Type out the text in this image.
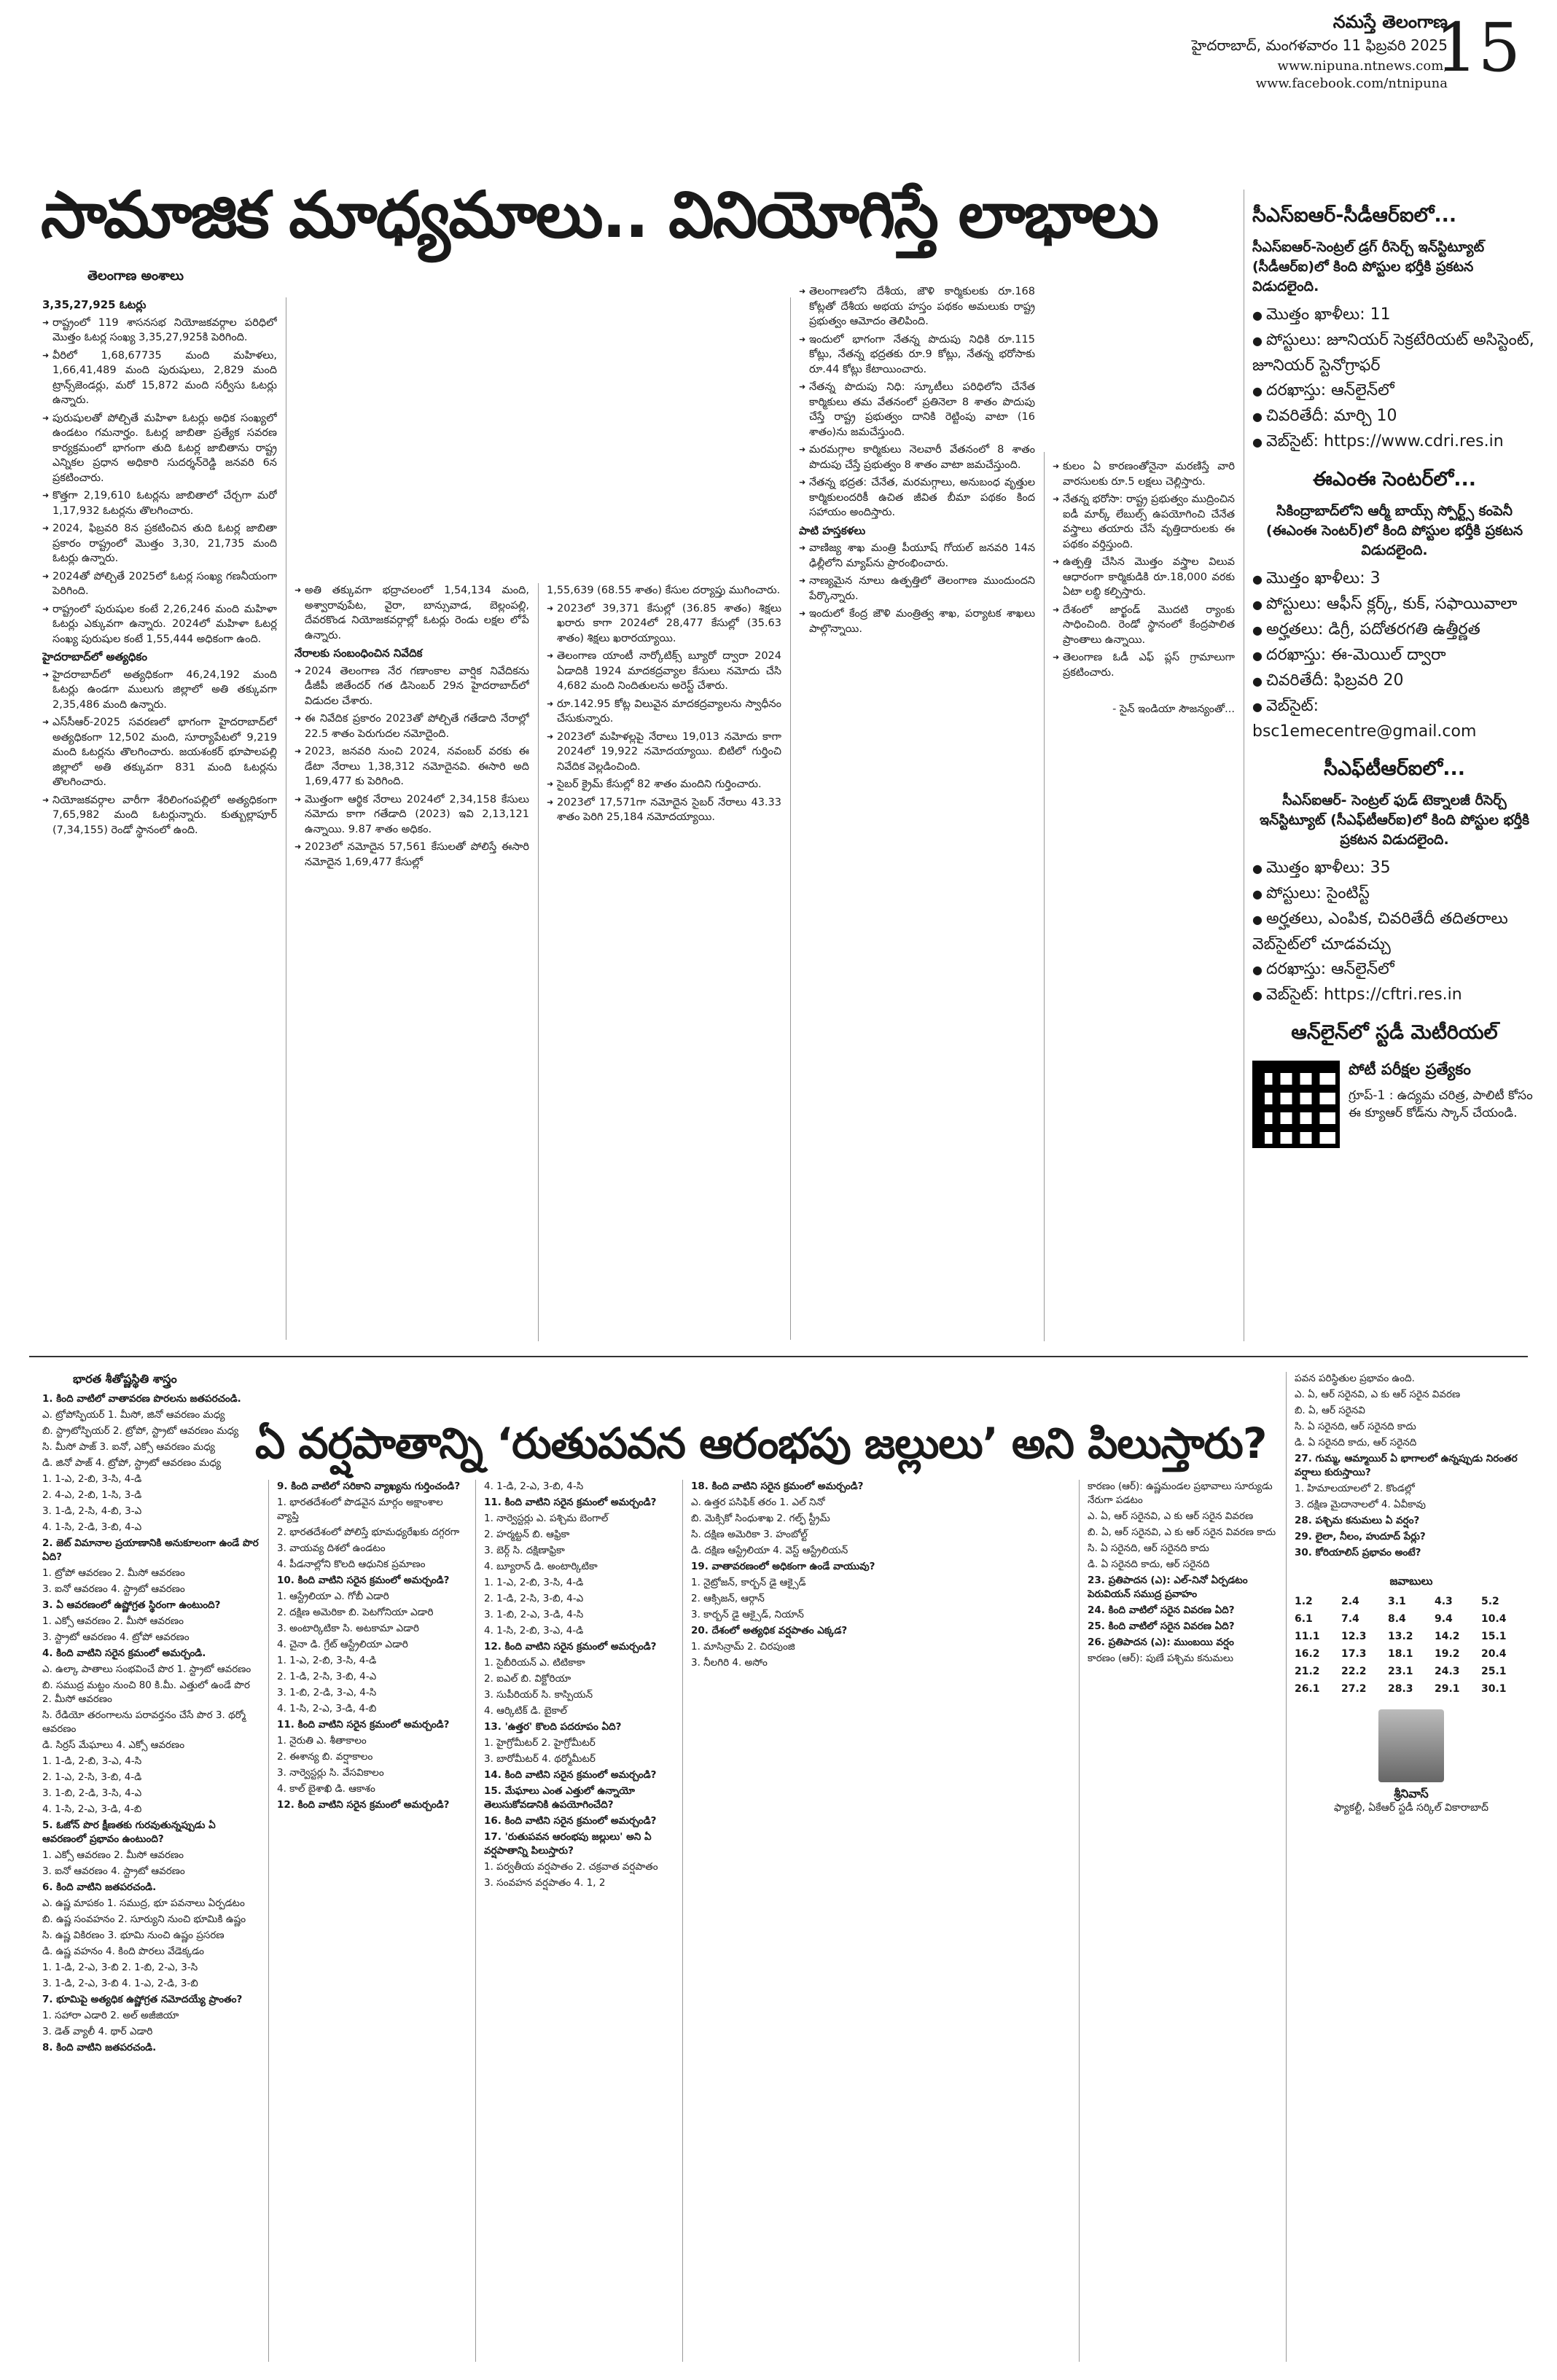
నమస్తే తెలంగాణ
హైదరాబాద్, మంగళవారం 11 ఫిబ్రవరి 2025
www.nipuna.ntnews.com,
www.facebook.com/ntnipuna
15
సామాజిక మాధ్యమాలు.. వినియోగిస్తే లాభాలు
తెలంగాణ అంశాలు

3,35,27,925 ఓటర్లు

➜ రాష్ట్రంలో 119 శాసనసభ నియోజకవర్గాల పరిధిలో మొత్తం ఓటర్ల సంఖ్య 3,35,27,925కి పెరిగింది.

➜ వీరిలో 1,68,67735 మంది మహిళలు, 1,66,41,489 మంది పురుషులు, 2,829 మంది ట్రాన్స్‌జెండర్లు, మరో 15,872 మంది సర్వీసు ఓటర్లు ఉన్నారు.

➜ పురుషులతో పోల్చితే మహిళా ఓటర్లు అధిక సంఖ్యలో ఉండటం గమనార్హం. ఓటర్ల జాబితా ప్రత్యేక సవరణ కార్యక్రమంలో భాగంగా తుది ఓటర్ల జాబితాను రాష్ట్ర ఎన్నికల ప్రధాన అధికారి సుదర్శన్‌రెడ్డి జనవరి 6న ప్రకటించారు.

➜ కొత్తగా 2,19,610 ఓటర్లను జాబితాలో చేర్చగా మరో 1,17,932 ఓటర్లను తొలగించారు.

➜ 2024, ఫిబ్రవరి 8న ప్రకటించిన తుది ఓటర్ల జాబితా ప్రకారం రాష్ట్రంలో మొత్తం 3,30, 21,735 మంది ఓటర్లు ఉన్నారు.

➜ 2024తో పోల్చితే 2025లో ఓటర్ల సంఖ్య గణనీయంగా పెరిగింది.

➜ రాష్ట్రంలో పురుషుల కంటే 2,26,246 మంది మహిళా ఓటర్లు ఎక్కువగా ఉన్నారు. 2024లో మహిళా ఓటర్ల సంఖ్య పురుషుల కంటే 1,55,444 అధికంగా ఉంది.

హైదరాబాద్‌లో అత్యధికం

➜ హైదరాబాద్‌లో అత్యధికంగా 46,24,192 మంది ఓటర్లు ఉండగా ములుగు జిల్లాలో అతి తక్కువగా 2,35,486 మంది ఉన్నారు.

➜ ఎస్‌సీఆర్-2025 సవరణలో భాగంగా హైదరాబాద్‌లో అత్యధికంగా 12,502 మంది, సూర్యాపేటలో 9,219 మంది ఓటర్లను తొలగించారు. జయశంకర్ భూపాలపల్లి జిల్లాలో అతి తక్కువగా 831 మంది ఓటర్లను తొలగించారు.

➜ నియోజకవర్గాల వారీగా శేరిలింగంపల్లిలో అత్యధికంగా 7,65,982 మంది ఓటర్లున్నారు. కుత్బుల్లాపూర్ (7,34,155) రెండో స్థానంలో ఉంది.

➜ అతి తక్కువగా భద్రాచలంలో 1,54,134 మంది, అశ్వారావుపేట, వైరా, బాన్సువాడ, బెల్లంపల్లి, దేవరకొండ నియోజకవర్గాల్లో ఓటర్లు రెండు లక్షల లోపే ఉన్నారు.

నేరాలకు సంబంధించిన నివేదిక

➜ 2024 తెలంగాణ నేర గణాంకాల వార్షిక నివేదికను డీజీపీ జితేందర్ గత డిసెంబర్ 29న హైదరాబాద్‌లో విడుదల చేశారు.

➜ ఈ నివేదిక ప్రకారం 2023తో పోల్చితే గతేడాది నేరాల్లో 22.5 శాతం పెరుగుదల నమోదైంది.

➜ 2023, జనవరి నుంచి 2024, నవంబర్ వరకు ఈ డేటా నేరాలు 1,38,312 నమోదైనవి. ఈసారి అది 1,69,477 కు పెరిగింది.

➜ మొత్తంగా ఆర్థిక నేరాలు 2024లో 2,34,158 కేసులు నమోదు కాగా గతేడాది (2023) ఇవి 2,13,121 ఉన్నాయి. 9.87 శాతం అధికం.

➜ 2023లో నమోదైన 57,561 కేసులతో పోలిస్తే ఈసారి నమోదైన 1,69,477 కేసుల్లో

1,55,639 (68.55 శాతం) కేసుల దర్యాప్తు ముగించారు.

➜ 2023లో 39,371 కేసుల్లో (36.85 శాతం) శిక్షలు ఖరారు కాగా 2024లో 28,477 కేసుల్లో (35.63 శాతం) శిక్షలు ఖరారయ్యాయి.

➜ తెలంగాణ యాంటీ నార్కోటిక్స్ బ్యూరో ద్వారా 2024 ఏడాదికి 1924 మాదకద్రవ్యాల కేసులు నమోదు చేసి 4,682 మంది నిందితులను అరెస్ట్ చేశారు.

➜ రూ.142.95 కోట్ల విలువైన మాదకద్రవ్యాలను స్వాధీనం చేసుకున్నారు.

➜ 2023లో మహిళల్లపై నేరాలు 19,013 నమోదు కాగా 2024లో 19,922 నమోదయ్యాయి. బిటిలో గుర్తించి నివేదిక వెల్లడించింది.

➜ సైబర్ క్రైమ్ కేసుల్లో 82 శాతం మందిని గుర్తించారు.

➜ 2023లో 17,571గా నమోదైన సైబర్ నేరాలు 43.33 శాతం పెరిగి 25,184 నమోదయ్యాయి.

➜ తెలంగాణలోని దేశీయ, జౌళి కార్మికులకు రూ.168 కోట్లతో దేశీయ అభయ హస్తం పథకం అమలుకు రాష్ట్ర ప్రభుత్వం ఆమోదం తెలిపింది.

➜ ఇందులో భాగంగా నేతన్న పొదుపు నిధికి రూ.115 కోట్లు, నేతన్న భద్రతకు రూ.9 కోట్లు, నేతన్న భరోసాకు రూ.44 కోట్లు కేటాయించారు.

➜ నేతన్న పొదుపు నిధి: స్కూటీలు పరిధిలోని చేనేత కార్మికులు తమ వేతనంలో ప్రతినెలా 8 శాతం పొదుపు చేస్తే రాష్ట్ర ప్రభుత్వం దానికి రెట్టింపు వాటా (16 శాతం)ను జమచేస్తుంది.

➜ మరమగ్గాల కార్మికులు నెలవారీ వేతనంలో 8 శాతం పొదుపు చేస్తే ప్రభుత్వం 8 శాతం వాటా జమచేస్తుంది.

➜ నేతన్న భద్రత: చేనేత, మరమగ్గాలు, అనుబంధ వృత్తుల కార్మికులందరికీ ఉచిత జీవిత బీమా పథకం కింద సహాయం అందిస్తారు.

పాటి హస్తకళలు

➜ వాణిజ్య శాఖ మంత్రి పీయూష్ గోయల్ జనవరి 14న ఢిల్లీలోని మ్యాప్‌ను ప్రారంభించారు.

➜ నాణ్యమైన నూలు ఉత్పత్తిలో తెలంగాణ ముందుందని పేర్కొన్నారు.

➜ ఇందులో కేంద్ర జౌళి మంత్రిత్వ శాఖ, పర్యాటక శాఖలు పాల్గొన్నాయి.

➜ కులం ఏ కారణంతోనైనా మరణిస్తే వారి వారసులకు రూ.5 లక్షలు చెల్లిస్తారు.

➜ నేతన్న భరోసా: రాష్ట్ర ప్రభుత్వం ముద్రించిన ఐడీ మార్క్ లేబుల్స్ ఉపయోగించి చేనేత వస్త్రాలు తయారు చేసే వృత్తిదారులకు ఈ పథకం వర్తిస్తుంది.

➜ ఉత్పత్తి చేసిన మొత్తం వస్త్రాల విలువ ఆధారంగా కార్మికుడికి రూ.18,000 వరకు ఏటా లబ్ధి కల్పిస్తారు.

➜ దేశంలో జార్ఖండ్ మొదటి ర్యాంకు సాధించింది. రెండో స్థానంలో కేంద్రపాలిత ప్రాంతాలు ఉన్నాయి.

➜ తెలంగాణ ఓడీ ఎఫ్ ప్లస్ గ్రామాలుగా ప్రకటించారు.

- సైన్ ఇండియా సౌజన్యంతో...

సీఎస్ఐఆర్-సీడీఆర్ఐలో...
సీఎస్ఐఆర్-సెంట్రల్ డ్రగ్ రీసెర్చ్ ఇన్‌స్టిట్యూట్ (సీడీఆర్ఐ)లో కింది పోస్టుల భర్తీకి ప్రకటన విడుదలైంది.

● మొత్తం ఖాళీలు: 11

● పోస్టులు: జూనియర్ సెక్రటేరియట్ అసిస్టెంట్, జూనియర్ స్టెనోగ్రాఫర్

● దరఖాస్తు: ఆన్‌లైన్‌లో

● చివరితేదీ: మార్చి 10

● వెబ్‌సైట్: https://www.cdri.res.in

ఈఎంఈ సెంటర్‌లో...
సికింద్రాబాద్‌లోని ఆర్మీ బాయ్స్ స్పోర్ట్స్ కంపెనీ (ఈఎంఈ సెంటర్)లో కింది పోస్టుల భర్తీకి ప్రకటన విడుదలైంది.

● మొత్తం ఖాళీలు: 3

● పోస్టులు: ఆఫీస్ క్లర్క్, కుక్, సఫాయివాలా

● అర్హతలు: డిగ్రీ, పదోతరగతి ఉత్తీర్ణత

● దరఖాస్తు: ఈ-మెయిల్ ద్వారా

● చివరితేదీ: ఫిబ్రవరి 20

● వెబ్‌సైట్: bsc1emecentre@gmail.com

సీఎఫ్‌టీఆర్ఐలో...
సీఎస్ఐఆర్- సెంట్రల్ ఫుడ్ టెక్నాలజీ రీసెర్చ్ ఇన్‌స్టిట్యూట్ (సీఎఫ్‌టీఆర్ఐ)లో కింది పోస్టుల భర్తీకి ప్రకటన విడుదలైంది.

● మొత్తం ఖాళీలు: 35

● పోస్టులు: సైంటిస్ట్

● అర్హతలు, ఎంపిక, చివరితేదీ తదితరాలు వెబ్‌సైట్‌లో చూడవచ్చు

● దరఖాస్తు: ఆన్‌లైన్‌లో

● వెబ్‌సైట్: https://cftri.res.in

ఆన్‌లైన్‌లో స్టడీ మెటీరియల్
పోటీ పరీక్షల ప్రత్యేకం
గ్రూప్-1 : ఉద్యమ చరిత్ర, పాలిటీ కోసం ఈ క్యూఆర్ కోడ్‌ను స్కాన్ చేయండి.
భారత శీతోష్ణస్థితి శాస్త్రం
ఏ వర్షపాతాన్ని ‘రుతుపవన ఆరంభపు జల్లులు’ అని పిలుస్తారు?

1. కింది వాటిలో వాతావరణ పొరలను జతపరచండి.

ఎ. ట్రోపోస్ఫియర్ 1. మీసో, జినో ఆవరణం మధ్య

బి. స్ట్రాటోస్ఫియర్ 2. ట్రోపో, స్ట్రాటో ఆవరణం మధ్య

సి. మీసో పాజ్ 3. ఐనో, ఎక్సో ఆవరణం మధ్య

డి. జినో పాజ్ 4. ట్రోపో, స్ట్రాటో ఆవరణం మధ్య

1. 1-ఎ, 2-బి, 3-సి, 4-డి

2. 4-ఎ, 2-బి, 1-సి, 3-డి

3. 1-డి, 2-సి, 4-బి, 3-ఎ

4. 1-సి, 2-డి, 3-బి, 4-ఎ

2. జెట్ విమానాల ప్రయాణానికి అనుకూలంగా ఉండే పొర ఏది?

1. ట్రోపో ఆవరణం 2. మీసో ఆవరణం

3. ఐనో ఆవరణం 4. స్ట్రాటో ఆవరణం

3. ఏ ఆవరణంలో ఉష్ణోగ్రత స్థిరంగా ఉంటుంది?

1. ఎక్సో ఆవరణం 2. మీసో ఆవరణం

3. స్ట్రాటో ఆవరణం 4. ట్రోపో ఆవరణం

4. కింది వాటిని సరైన క్రమంలో అమర్చండి.

ఎ. ఉల్కా పాతాలు సంభవించే పొర 1. స్ట్రాటో ఆవరణం

బి. సముద్ర మట్టం నుంచి 80 కి.మీ. ఎత్తులో ఉండే పొర 2. మీసో ఆవరణం

సి. రేడియో తరంగాలను పరావర్తనం చేసే పొర 3. థర్మో ఆవరణం

డి. సిర్రస్ మేఘాలు 4. ఎక్సో ఆవరణం

1. 1-డి, 2-బి, 3-ఎ, 4-సి

2. 1-ఎ, 2-సి, 3-బి, 4-డి

3. 1-బి, 2-డి, 3-సి, 4-ఎ

4. 1-సి, 2-ఎ, 3-డి, 4-బి

5. ఓజోన్ పొర క్షీణతకు గురవుతున్నప్పుడు ఏ ఆవరణంలో ప్రభావం ఉంటుంది?

1. ఎక్సో ఆవరణం 2. మీసో ఆవరణం

3. ఐనో ఆవరణం 4. స్ట్రాటో ఆవరణం

6. కింది వాటిని జతపరచండి.

ఎ. ఉష్ణ మాపకం 1. సముద్ర, భూ పవనాలు ఏర్పడటం

బి. ఉష్ణ సంవహనం 2. సూర్యుని నుంచి భూమికి ఉష్ణం

సి. ఉష్ణ వికిరణం 3. భూమి నుంచి ఉష్ణం ప్రసరణ

డి. ఉష్ణ వహనం 4. కింది పొరలు వేడెక్కడం

1. 1-డి, 2-ఎ, 3-బి 2. 1-బి, 2-ఎ, 3-సి

3. 1-డి, 2-ఎ, 3-బి 4. 1-ఎ, 2-డి, 3-బి

7. భూమిపై అత్యధిక ఉష్ణోగ్రత నమోదయ్యే ప్రాంతం?

1. సహారా ఎడారి 2. అల్ అజీజియా

3. డెత్ వ్యాలీ 4. థార్ ఎడారి

8. కింది వాటిని జతపరచండి.

9. కింది వాటిలో సరికాని వ్యాఖ్యను గుర్తించండి?

1. భారతదేశంలో పొడవైన మార్గం అక్షాంశాల వ్యాప్తి

2. భారతదేశంలో పోలిస్తే భూమధ్యరేఖకు దగ్గరగా

3. వాయవ్య దిశలో ఉండటం

4. పీడనాల్లోని కొలది ఆధునిక ప్రమాణం

10. కింది వాటిని సరైన క్రమంలో అమర్చండి?

1. ఆస్ట్రేలియా ఎ. గోబీ ఎడారి

2. దక్షిణ అమెరికా బి. పెటగోనియా ఎడారి

3. అంటార్కిటికా సి. అటకామా ఎడారి

4. చైనా డి. గ్రేట్ ఆస్ట్రేలియా ఎడారి

1. 1-ఎ, 2-బి, 3-సి, 4-డి

2. 1-డి, 2-సి, 3-బి, 4-ఎ

3. 1-బి, 2-డి, 3-ఎ, 4-సి

4. 1-సి, 2-ఎ, 3-డి, 4-బి

11. కింది వాటిని సరైన క్రమంలో అమర్చండి?

1. నైరుతి ఎ. శీతాకాలం

2. ఈశాన్య బి. వర్షాకాలం

3. నార్వెస్టర్లు సి. వేసవికాలం

4. కాల్ బైశాఖి డి. ఆకాశం

12. కింది వాటిని సరైన క్రమంలో అమర్చండి?

4. 1-డి, 2-ఎ, 3-బి, 4-సి

11. కింది వాటిని సరైన క్రమంలో అమర్చండి?

1. నార్వెస్టర్లు ఎ. పశ్చిమ బెంగాల్

2. హర్మట్టన్ బి. ఆఫ్రికా

3. బెర్గ్ సి. దక్షిణాఫ్రికా

4. బ్యూరాన్ డి. అంటార్కిటికా

1. 1-ఎ, 2-బి, 3-సి, 4-డి

2. 1-డి, 2-సి, 3-బి, 4-ఎ

3. 1-బి, 2-ఎ, 3-డి, 4-సి

4. 1-సి, 2-బి, 3-ఎ, 4-డి

12. కింది వాటిని సరైన క్రమంలో అమర్చండి?

1. సైబీరియన్ ఎ. టిటికాకా

2. ఐఎల్ బి. విక్టోరియా

3. సుపీరియర్ సి. కాస్పియన్

4. ఆర్కిటిక్ డి. బైకాల్

13. 'ఉత్తర' కొలది పదరూపం ఏది?

1. హైగ్రోమీటర్ 2. హైగ్రోమీటర్

3. బారోమీటర్ 4. థర్మోమీటర్

14. కింది వాటిని సరైన క్రమంలో అమర్చండి?

15. మేఘాలు ఎంత ఎత్తులో ఉన్నాయో తెలుసుకోవడానికి ఉపయోగించేది?

16. కింది వాటిని సరైన క్రమంలో అమర్చండి?

17. 'రుతుపవన ఆరంభపు జల్లులు' అని ఏ వర్షపాతాన్ని పిలుస్తారు?

1. పర్వతీయ వర్షపాతం 2. చక్రవాత వర్షపాతం

3. సంవహన వర్షపాతం 4. 1, 2

18. కింది వాటిని సరైన క్రమంలో అమర్చండి?

ఎ. ఉత్తర పసిఫిక్ తరం 1. ఎల్ నినో

బి. మెక్సికో సింధుశాఖ 2. గల్ఫ్ స్ట్రీమ్

సి. దక్షిణ అమెరికా 3. హంబోల్ట్

డి. దక్షిణ ఆస్ట్రేలియా 4. వెస్ట్ ఆస్ట్రేలియన్

19. వాతావరణంలో అధికంగా ఉండే వాయువు?

1. నైట్రోజన్, కార్బన్ డై ఆక్సైడ్

2. ఆక్సిజన్, ఆర్గాన్

3. కార్బన్ డై ఆక్సైడ్, నియాన్

20. దేశంలో అత్యధిక వర్షపాతం ఎక్కడ?

1. మాసిన్రామ్ 2. చిరపుంజి

3. నీలగిరి 4. అసోం

కారణం (ఆర్): ఉష్ణమండల ప్రభావాలు సూర్యుడు నేరుగా పడటం

ఎ. ఏ, ఆర్ సరైనవి, ఎ కు ఆర్ సరైన వివరణ

బి. ఏ, ఆర్ సరైనవి, ఎ కు ఆర్ సరైన వివరణ కాదు

సి. ఏ సరైనది, ఆర్ సరైనది కాదు

డి. ఏ సరైనది కాదు, ఆర్ సరైనది

23. ప్రతిపాదన (ఎ): ఎల్-నినో ఏర్పడటం పెరువియన్ సముద్ర ప్రవాహం

24. కింది వాటిలో సరైన వివరణ ఏది?

25. కింది వాటిలో సరైన వివరణ ఏది?

26. ప్రతిపాదన (ఎ): ముంబయి వర్షం

కారణం (ఆర్): పుణే పశ్చిమ కనుమలు

పవన పరిస్థితుల ప్రభావం ఉంది.

ఎ. ఏ, ఆర్ సరైనవి, ఎ కు ఆర్ సరైన వివరణ

బి. ఏ, ఆర్ సరైనవి

సి. ఏ సరైనది, ఆర్ సరైనది కాదు

డి. ఏ సరైనది కాదు, ఆర్ సరైనది

27. గుమ్మ, ఆమ్మాయిర్ ఏ భాగాలలో ఉన్నప్పుడు నిరంతర వర్షాలు కురుస్తాయి?

1. హిమాలయాలలో 2. కొండల్లో

3. దక్షిణ మైదానాలలో 4. ఏవీకావు

28. పశ్చిమ కనుమలు ఏ వర్షం?

29. లైలా, నీలం, హుదూద్ పేర్లు?

30. కోరియాలిస్ ప్రభావం అంటే?

జవాబులు
1.2	2.4	3.1	4.3	5.2
6.1	7.4	8.4	9.4	10.4
11.1	12.3	13.2	14.2	15.1
16.2	17.3	18.1	19.2	20.4
21.2	22.2	23.1	24.3	25.1
26.1	27.2	28.3	29.1	30.1
శ్రీనివాస్
ఫ్యాకల్టీ, ఏకేఆర్ స్టడీ సర్కిల్ వికారాబాద్
